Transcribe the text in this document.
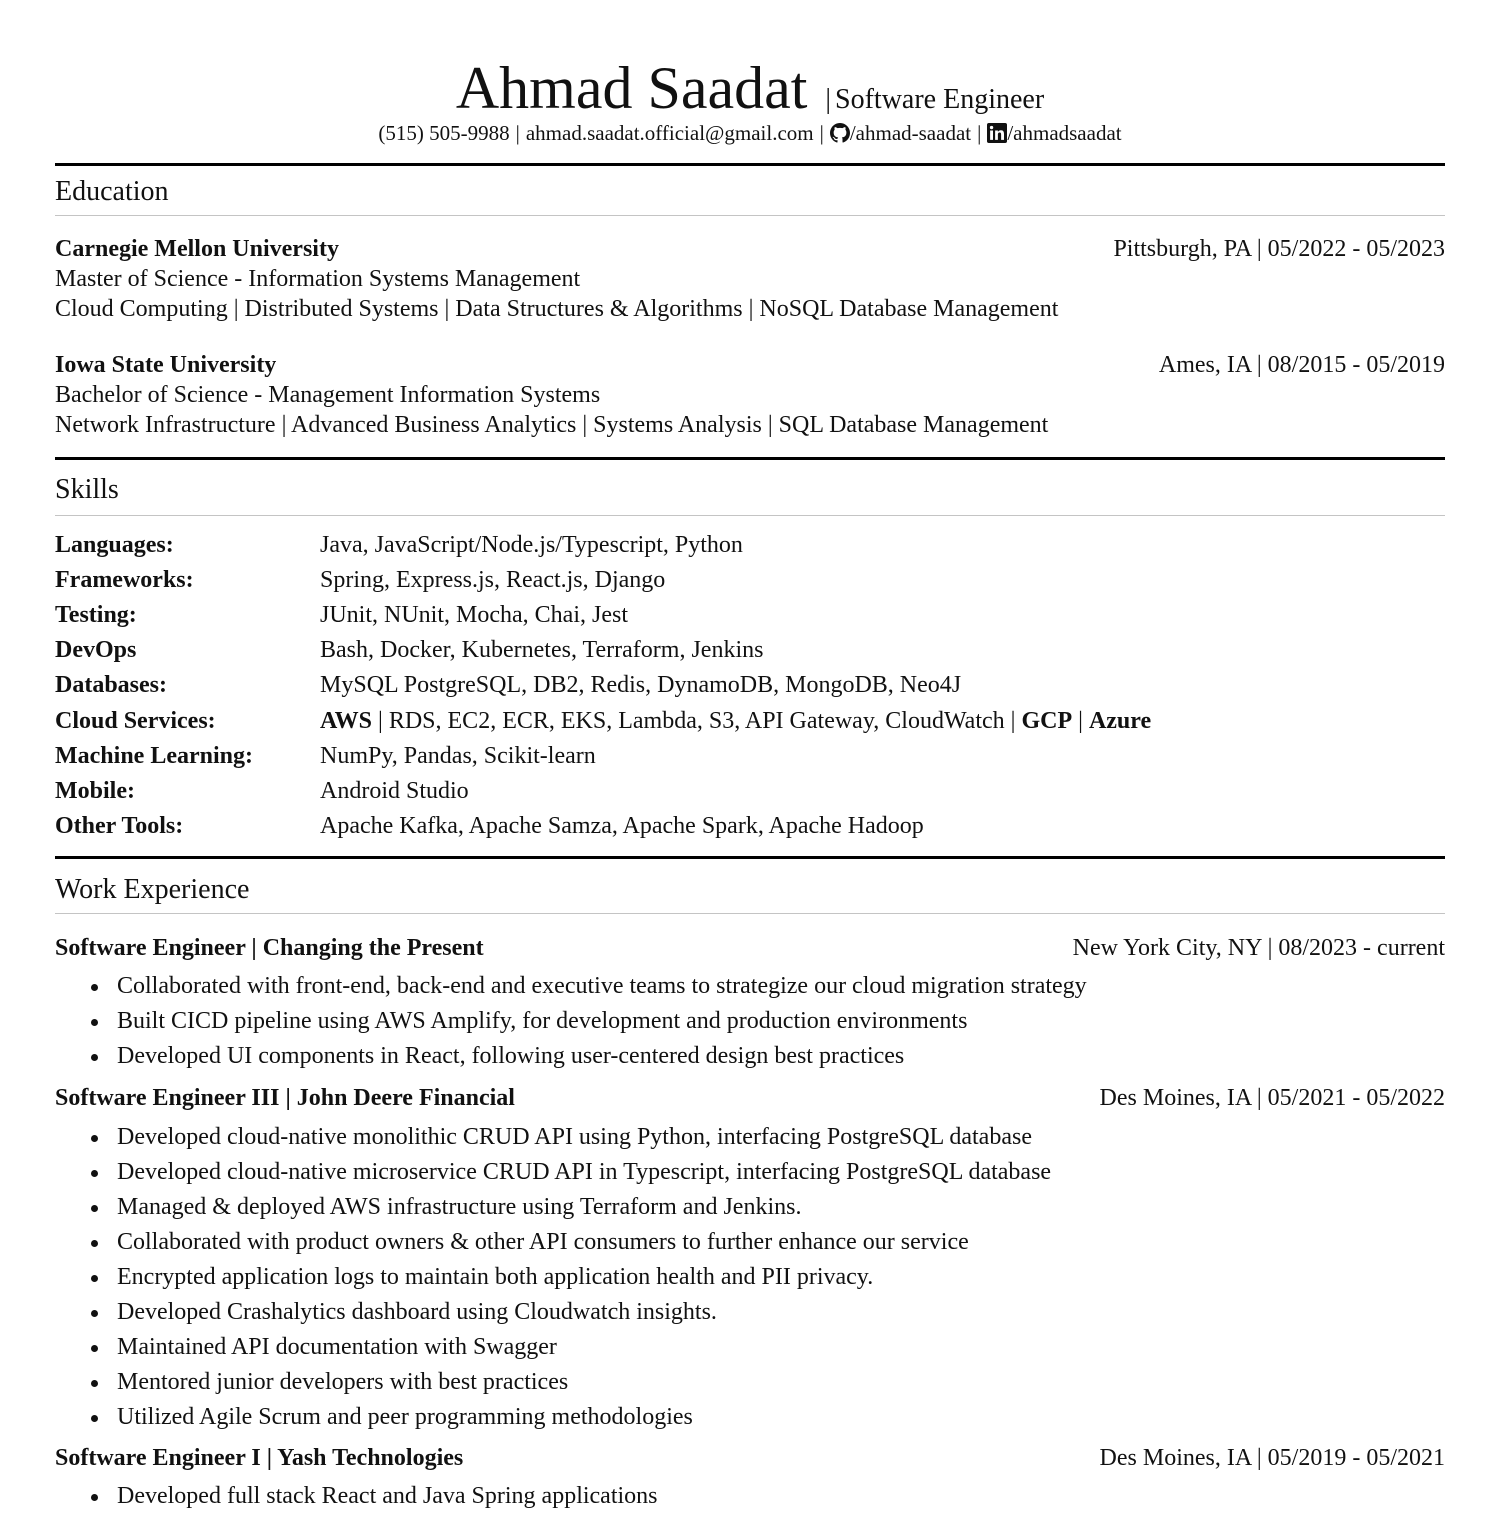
Ahmad Saadat | Software Engineer
(515) 505-9988 | ahmad.saadat.official@gmail.com | /ahmad-saadat | /ahmadsaadat
Education
Carnegie Mellon University	Pittsburgh, PA | 05/2022 - 05/2023
Master of Science - Information Systems Management
Cloud Computing | Distributed Systems | Data Structures & Algorithms | NoSQL Database Management
Iowa State University	Ames, IA | 08/2015 - 05/2019
Bachelor of Science - Management Information Systems
Network Infrastructure | Advanced Business Analytics | Systems Analysis | SQL Database Management
Skills
Languages:	Java, JavaScript/Node.js/Typescript, Python
Frameworks:	Spring, Express.js, React.js, Django
Testing:	JUnit, NUnit, Mocha, Chai, Jest
DevOps	Bash, Docker, Kubernetes, Terraform, Jenkins
Databases:	MySQL PostgreSQL, DB2, Redis, DynamoDB, MongoDB, Neo4J
Cloud Services:	AWS | RDS, EC2, ECR, EKS, Lambda, S3, API Gateway, CloudWatch | GCP | Azure
Machine Learning:	NumPy, Pandas, Scikit-learn
Mobile:	Android Studio
Other Tools:	Apache Kafka, Apache Samza, Apache Spark, Apache Hadoop
Work Experience
Software Engineer | Changing the Present	New York City, NY | 08/2023 - current
Collaborated with front-end, back-end and executive teams to strategize our cloud migration strategy
Built CICD pipeline using AWS Amplify, for development and production environments
Developed UI components in React, following user-centered design best practices
Software Engineer III | John Deere Financial	Des Moines, IA | 05/2021 - 05/2022
Developed cloud-native monolithic CRUD API using Python, interfacing PostgreSQL database
Developed cloud-native microservice CRUD API in Typescript, interfacing PostgreSQL database
Managed & deployed AWS infrastructure using Terraform and Jenkins.
Collaborated with product owners & other API consumers to further enhance our service
Encrypted application logs to maintain both application health and PII privacy.
Developed Crashalytics dashboard using Cloudwatch insights.
Maintained API documentation with Swagger
Mentored junior developers with best practices
Utilized Agile Scrum and peer programming methodologies
Software Engineer I | Yash Technologies	Des Moines, IA | 05/2019 - 05/2021
Developed full stack React and Java Spring applications
